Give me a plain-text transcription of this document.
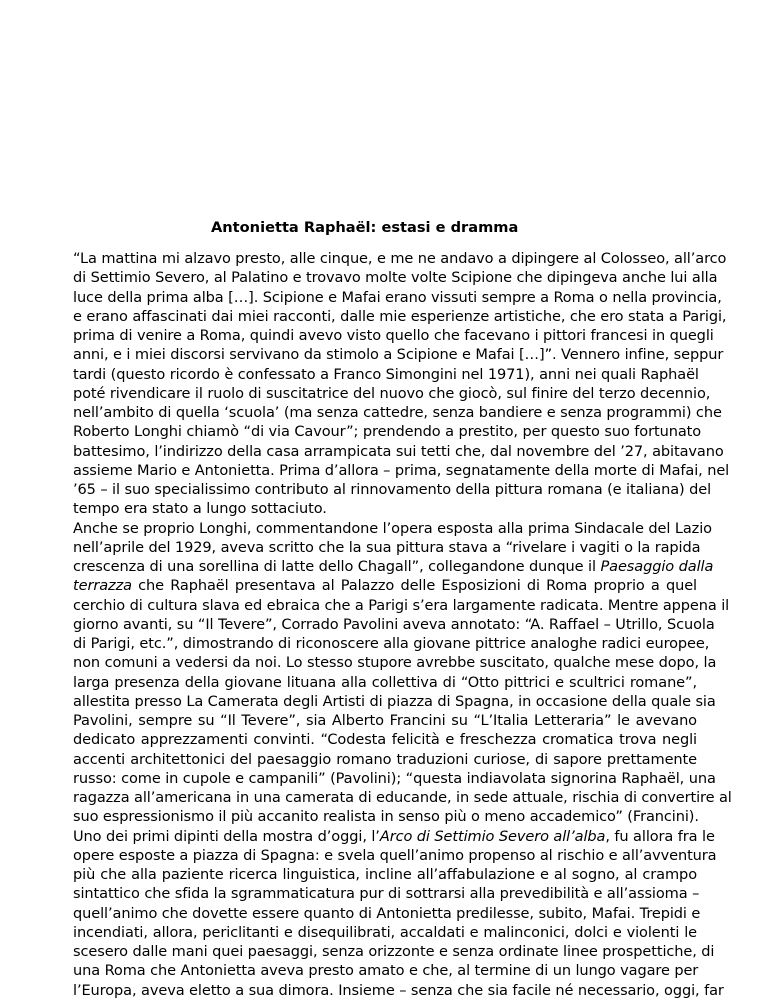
Antonietta Raphaël: estasi e dramma
“La mattina mi alzavo presto, alle cinque, e me ne andavo a dipingere al Colosseo, all’arco
di Settimio Severo, al Palatino e trovavo molte volte Scipione che dipingeva anche lui alla
luce della prima alba […]. Scipione e Mafai erano vissuti sempre a Roma o nella provincia,
e erano affascinati dai miei racconti, dalle mie esperienze artistiche, che ero stata a Parigi,
prima di venire a Roma, quindi avevo visto quello che facevano i pittori francesi in quegli
anni, e i miei discorsi servivano da stimolo a Scipione e Mafai […]”. Vennero infine, seppur
tardi (questo ricordo è confessato a Franco Simongini nel 1971), anni nei quali Raphaël
poté rivendicare il ruolo di suscitatrice del nuovo che giocò, sul finire del terzo decennio,
nell’ambito di quella ‘scuola’ (ma senza cattedre, senza bandiere e senza programmi) che
Roberto Longhi chiamò “di via Cavour”; prendendo a prestito, per questo suo fortunato
battesimo, l’indirizzo della casa arrampicata sui tetti che, dal novembre del ’27, abitavano
assieme Mario e Antonietta. Prima d’allora – prima, segnatamente della morte di Mafai, nel
’65 – il suo specialissimo contributo al rinnovamento della pittura romana (e italiana) del
tempo era stato a lungo sottaciuto.
Anche se proprio Longhi, commentandone l’opera esposta alla prima Sindacale del Lazio
nell’aprile del 1929, aveva scritto che la sua pittura stava a “rivelare i vagiti o la rapida
crescenza di una sorellina di latte dello Chagall”, collegandone dunque il Paesaggio dalla
terrazza che Raphaël presentava al Palazzo delle Esposizioni di Roma proprio a quel
cerchio di cultura slava ed ebraica che a Parigi s’era largamente radicata. Mentre appena il
giorno avanti, su “Il Tevere”, Corrado Pavolini aveva annotato: “A. Raffael – Utrillo, Scuola
di Parigi, etc.”, dimostrando di riconoscere alla giovane pittrice analoghe radici europee,
non comuni a vedersi da noi. Lo stesso stupore avrebbe suscitato, qualche mese dopo, la
larga presenza della giovane lituana alla collettiva di “Otto pittrici e scultrici romane”,
allestita presso La Camerata degli Artisti di piazza di Spagna, in occasione della quale sia
Pavolini, sempre su “Il Tevere”, sia Alberto Francini su “L’Italia Letteraria” le avevano
dedicato apprezzamenti convinti. “Codesta felicità e freschezza cromatica trova negli
accenti architettonici del paesaggio romano traduzioni curiose, di sapore prettamente
russo: come in cupole e campanili” (Pavolini); “questa indiavolata signorina Raphaël, una
ragazza all’americana in una camerata di educande, in sede attuale, rischia di convertire al
suo espressionismo il più accanito realista in senso più o meno accademico” (Francini).
Uno dei primi dipinti della mostra d’oggi, l’Arco di Settimio Severo all’alba, fu allora fra le
opere esposte a piazza di Spagna: e svela quell’animo propenso al rischio e all’avventura
più che alla paziente ricerca linguistica, incline all’affabulazione e al sogno, al crampo
sintattico che sfida la sgrammaticatura pur di sottrarsi alla prevedibilità e all’assioma –
quell’animo che dovette essere quanto di Antonietta predilesse, subito, Mafai. Trepidi e
incendiati, allora, periclitanti e disequilibrati, accaldati e malinconici, dolci e violenti le
scesero dalle mani quei paesaggi, senza orizzonte e senza ordinate linee prospettiche, di
una Roma che Antonietta aveva presto amato e che, al termine di un lungo vagare per
l’Europa, aveva eletto a sua dimora. Insieme – senza che sia facile né necessario, oggi, far
